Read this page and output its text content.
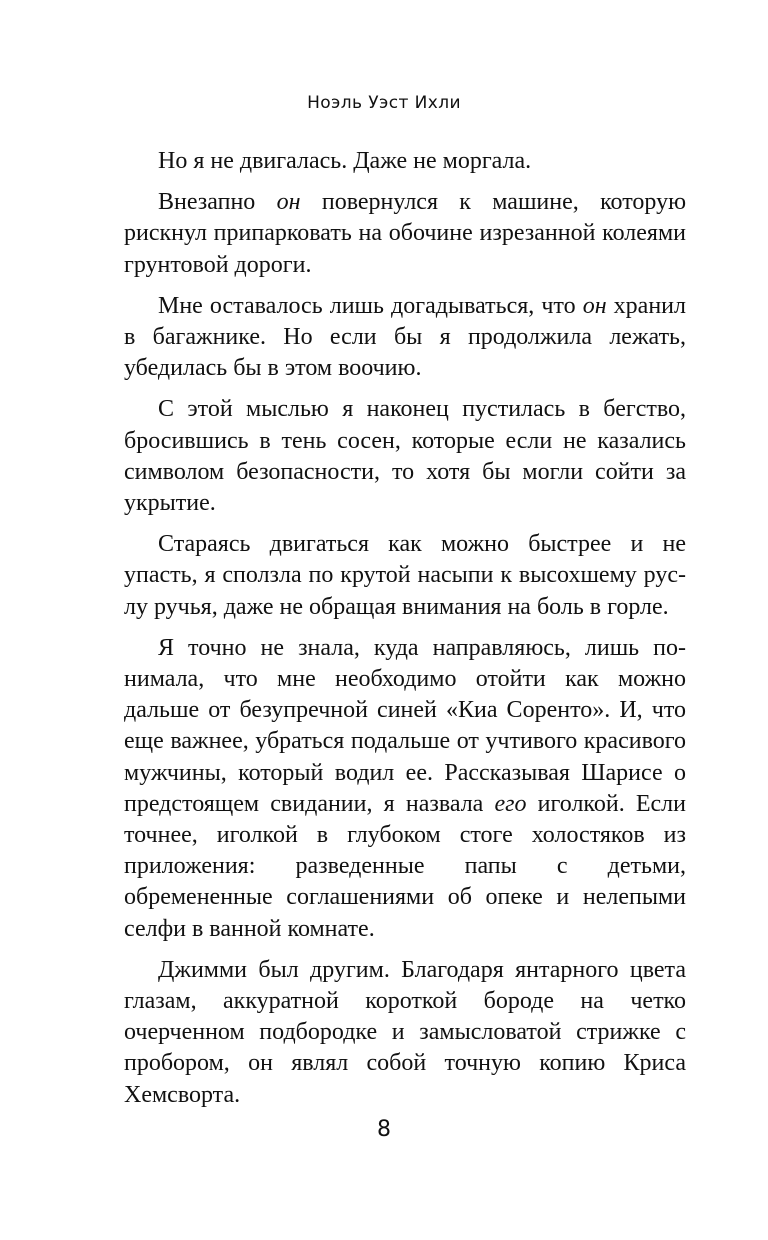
Ноэль Уэст Ихли

Но я не двигалась. Даже не моргала.

Внезапно он повернулся к машине, которую рискнул припарковать на обочине изрезанной колеями грунтовой дороги.

Мне оставалось лишь догадываться, что он хранил в багажнике. Но если бы я продолжила лежать, убедилась бы в этом воочию.

С этой мыслью я наконец пустилась в бегство, бросившись в тень сосен, которые если не казались символом безопасности, то хотя бы могли сойти за укрытие.

Стараясь двигаться как можно быстрее и не упасть, я сползла по крутой насыпи к высохшему руслу ручья, даже не обращая внимания на боль в горле.

Я точно не знала, куда направляюсь, лишь понимала, что мне необходимо отойти как можно дальше от безупречной синей «Киа Соренто». И, что еще важнее, убраться подальше от учтивого красивого мужчины, который водил ее. Рассказывая Шарисе о предстоящем свидании, я назвала его иголкой. Если точнее, иголкой в глубоком стоге холостяков из приложения: разведенные папы с детьми, обремененные соглашениями об опеке и нелепыми селфи в ванной комнате.

Джимми был другим. Благодаря янтарного цвета глазам, аккуратной короткой бороде на четко очерченном подбородке и замысловатой стрижке с пробором, он являл собой точную копию Криса Хемсворта.

8
